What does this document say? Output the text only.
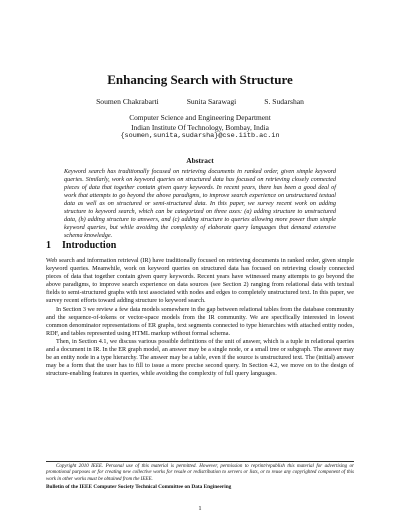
Enhancing Search with Structure
Soumen Chakrabarti	Sunita Sarawagi	S. Sudarshan
Computer Science and Engineering Department
Indian Institute Of Technology, Bombay, India
{soumen,sunita,sudarsha}@cse.iitb.ac.in
Abstract
Keyword search has traditionally focused on retrieving documents in ranked order, given simple keyword queries. Similarly, work on keyword queries on structured data has focused on retrieving closely connected pieces of data that together contain given query keywords. In recent years, there has been a good deal of work that attempts to go beyond the above paradigms, to improve search experience on unstructured textual data as well as on structured or semi-structured data. In this paper, we survey recent work on adding structure to keyword search, which can be categorized on three axes: (a) adding structure to unstructured data, (b) adding structure to answers, and (c) adding structure to queries allowing more power than simple keyword queries, but while avoiding the complexity of elaborate query languages that demand extensive schema knowledge.
1 Introduction

Web search and information retrieval (IR) have traditionally focused on retrieving documents in ranked order, given simple keyword queries. Meanwhile, work on keyword queries on structured data has focused on retrieving closely connected pieces of data that together contain given query keywords. Recent years have witnessed many attempts to go beyond the above paradigms, to improve search experience on data sources (see Section 2) ranging from relational data with textual fields to semi-structured graphs with text associated with nodes and edges to completely unstructured text. In this paper, we survey recent efforts toward adding structure to keyword search.

In Section 3 we review a few data models somewhere in the gap between relational tables from the database community and the sequence-of-tokens or vector-space models from the IR community. We are specifically interested in lowest common denominator representations of ER graphs, text segments connected to type hierarchies with attached entity nodes, RDF, and tables represented using HTML markup without formal schema.

Then, in Section 4.1, we discuss various possible definitions of the unit of answer, which is a tuple in relational queries and a document in IR. In the ER graph model, an answer may be a single node, or a small tree or subgraph. The answer may be an entity node in a type hierarchy. The answer may be a table, even if the source is unstructured text. The (initial) answer may be a form that the user has to fill to issue a more precise second query. In Section 4.2, we move on to the design of structure-enabling features in queries, while avoiding the complexity of full query languages.

Copyright 2010 IEEE. Personal use of this material is permitted. However, permission to reprint/republish this material for advertising or promotional purposes or for creating new collective works for resale or redistribution to servers or lists, or to reuse any copyrighted component of this work in other works must be obtained from the IEEE.

Bulletin of the IEEE Computer Society Technical Committee on Data Engineering
1
